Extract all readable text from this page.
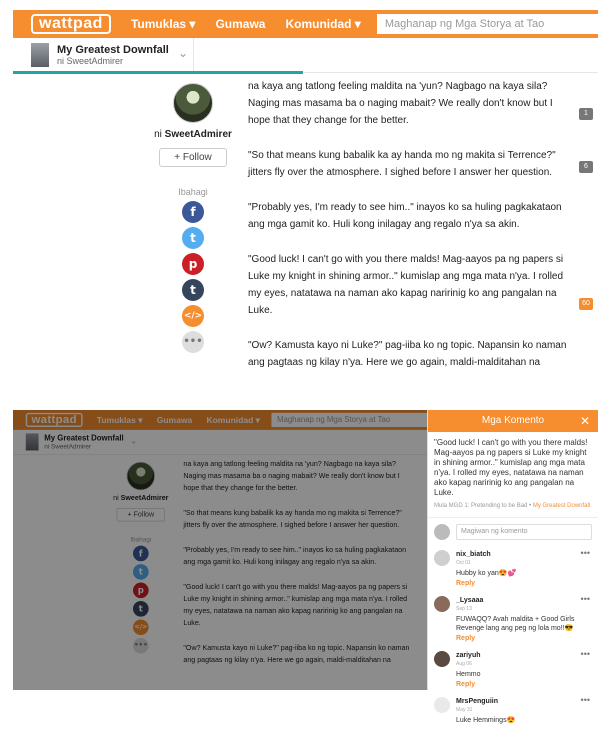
wattpad	Tumuklas ▾ Gumawa Komunidad ▾	Maghanap ng Mga Storya at Tao
My Greatest Downfall
ni SweetAdmirer
⌄
ni SweetAdmirer
+ Follow
Ibahagi
f
t
p
t
</>
•••
na kaya ang tatlong feeling maldita na 'yun? Nagbago na kaya sila? Naging mas masama ba o naging mabait? We really don't know but I hope that they change for the better.
1
"So that means kung babalik ka ay handa mo ng makita si Terrence?" jitters fly over the atmosphere. I sighed before I answer her question.
6
"Probably yes, I'm ready to see him.." inayos ko sa huling pagkakataon ang mga gamit ko. Huli kong inilagay ang regalo n'ya sa akin.
"Good luck! I can't go with you there malds! Mag-aayos pa ng papers si Luke my knight in shining armor.." kumislap ang mga mata n'ya. I rolled my eyes, natatawa na naman ako kapag naririnig ko ang pangalan na Luke.
60
"Ow? Kamusta kayo ni Luke?" pag-iiba ko ng topic. Napansin ko naman ang pagtaas ng kilay n'ya. Here we go again, maldi-malditahan na
wattpad	Tumuklas ▾ Gumawa Komunidad ▾	Maghanap ng Mga Storya at Tao
My Greatest Downfall
ni SweetAdmirer
⌄
ni SweetAdmirer
+ Follow
Ibahagi
f
t
p
t
</>
•••
na kaya ang tatlong feeling maldita na 'yun? Nagbago na kaya sila? Naging mas masama ba o naging mabait? We really don't know but I hope that they change for the better.
"So that means kung babalik ka ay handa mo ng makita si Terrence?" jitters fly over the atmosphere. I sighed before I answer her question.
"Probably yes, I'm ready to see him.." inayos ko sa huling pagkakataon ang mga gamit ko. Huli kong inilagay ang regalo n'ya sa akin.
"Good luck! I can't go with you there malds! Mag-aayos pa ng papers si Luke my knight in shining armor.." kumislap ang mga mata n'ya. I rolled my eyes, natatawa na naman ako kapag naririnig ko ang pangalan na Luke.
"Ow? Kamusta kayo ni Luke?" pag-iiba ko ng topic. Napansin ko naman ang pagtaas ng kilay n'ya. Here we go again, maldi-malditahan na
Mga Komento	✕
"Good luck! I can't go with you there malds! Mag-aayos pa ng papers si Luke my knight in shining armor.." kumislap ang mga mata n'ya. I rolled my eyes, natatawa na naman ako kapag naririnig ko ang pangalan na Luke.
Mula MGD 1: Pretending to be Bad • My Greatest Downfall
Magiwan ng komento
nix_biatch
Oct 01
Hubby ko yan😍💕
Reply
•••
_Lysaaa
Sep 13
FUWAQQ? Avah maldita + Good Girls Revenge lang ang peg ng lola mo!!😎
Reply
•••
zariyuh
Aug 06
Hemmo
Reply
•••
MrsPenguiin
May 31
Luke Hemmings😍
•••
